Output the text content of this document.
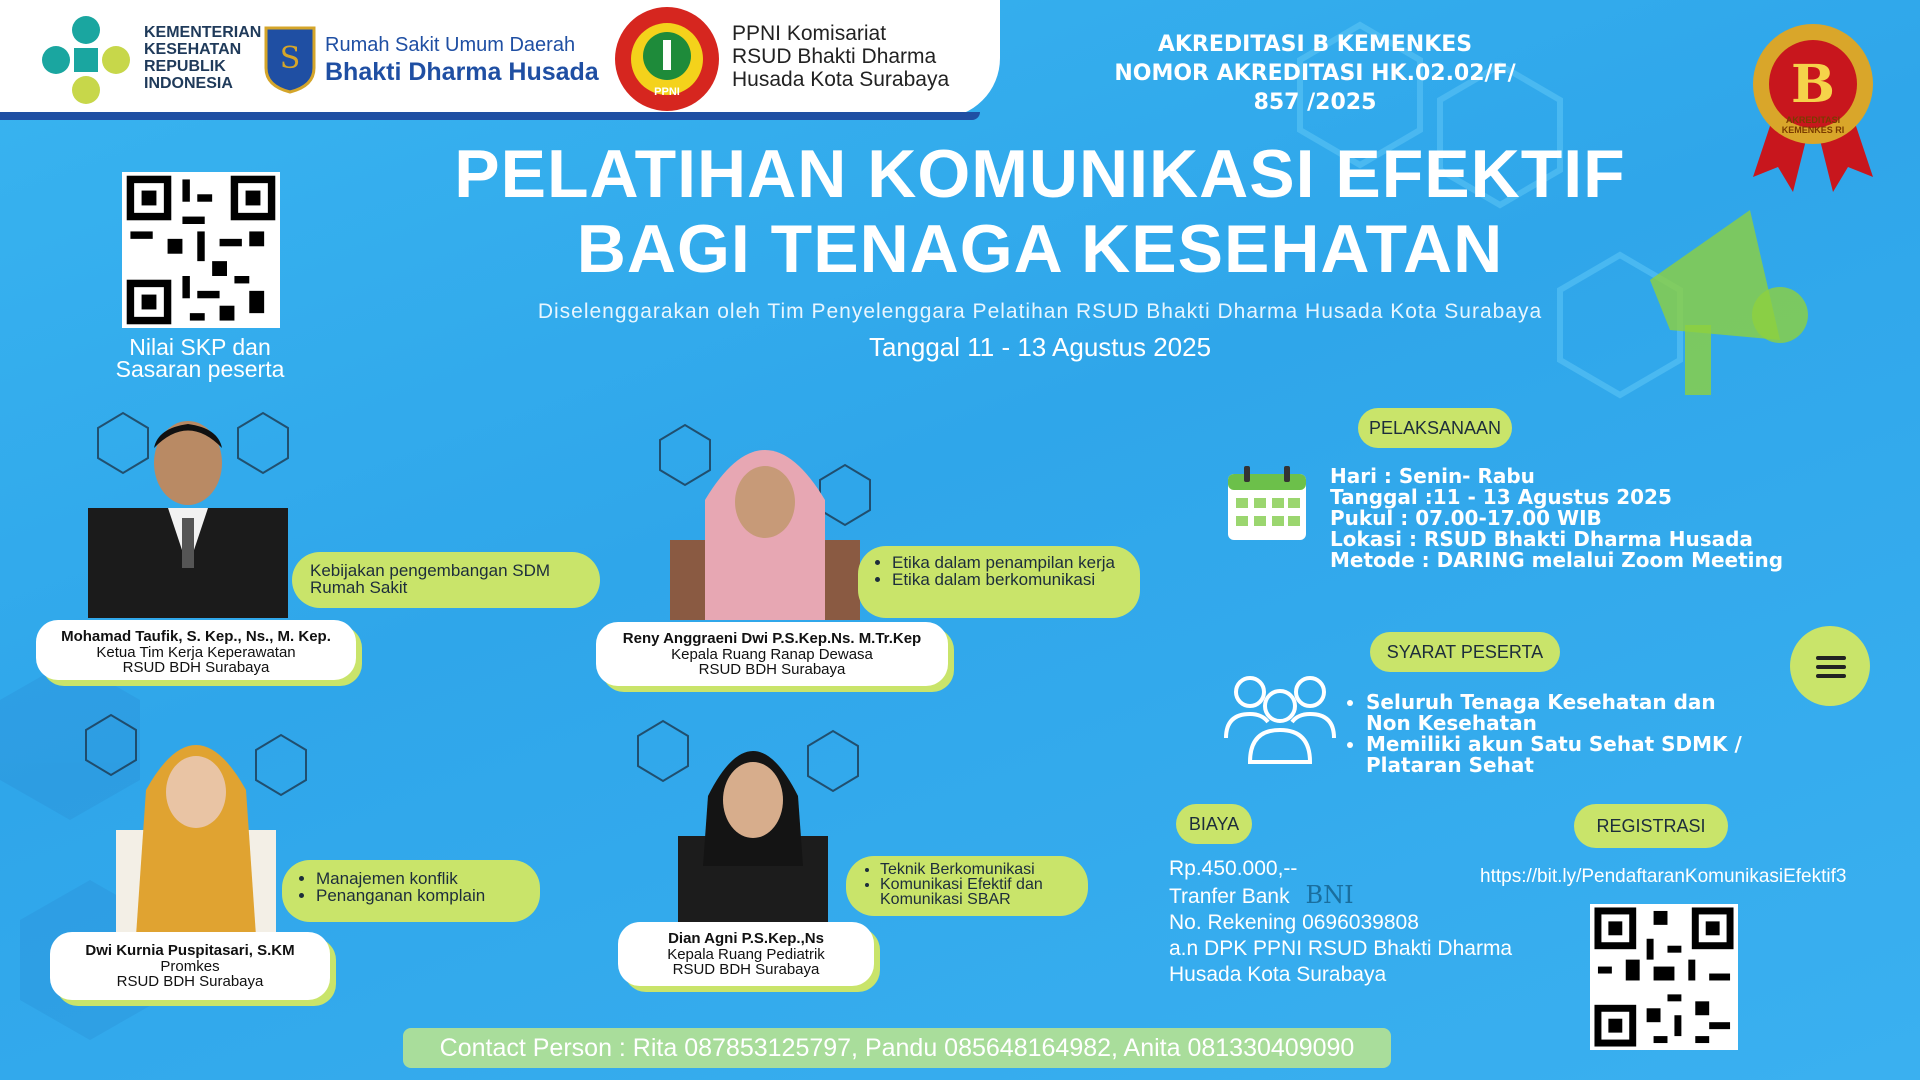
KEMENTERIAN KESEHATAN REPUBLIK INDONESIA
S Rumah Sakit Umum Daerah
Bhakti Dharma Husada
PPNI
PPNI Komisariat
RSUD Bhakti Dharma
Husada Kota Surabaya
AKREDITASI B KEMENKES
NOMOR AKREDITASI HK.02.02/F/ 857 /2025	B
AKREDITASI KEMENKES RI
PELATIHAN KOMUNIKASI EFEKTIF
BAGI TENAGA KESEHATAN
Diselenggarakan oleh Tim Penyelenggara Pelatihan RSUD Bhakti Dharma Husada Kota Surabaya
Tanggal 11 - 13 Agustus 2025
Nilai SKP dan
Sasaran peserta
Kebijakan pengembangan SDM Rumah Sakit
Mohamad Taufik, S. Kep., Ns., M. Kep.
Ketua Tim Kerja Keperawatan
RSUD BDH Surabaya
• Etika dalam penampilan kerja
• Etika dalam berkomunikasi
Reny Anggraeni Dwi P.S.Kep.Ns. M.Tr.Kep
Kepala Ruang Ranap Dewasa
RSUD BDH Surabaya
• Manajemen konflik
• Penanganan komplain
Dwi Kurnia Puspitasari, S.KM
Promkes
RSUD BDH Surabaya
• Teknik Berkomunikasi
• Komunikasi Efektif dan Komunikasi SBAR
Dian Agni P.S.Kep.,Ns
Kepala Ruang Pediatrik
RSUD BDH Surabaya
PELAKSANAAN
Hari : Senin- Rabu
Tanggal :11 - 13 Agustus 2025
Pukul : 07.00-17.00 WIB
Lokasi : RSUD Bhakti Dharma Husada
Metode : DARING melalui Zoom Meeting
SYARAT PESERTA
• Seluruh Tenaga Kesehatan dan Non Kesehatan
• Memiliki akun Satu Sehat SDMK / Plataran Sehat
BIAYA
Rp.450.000,--
Tranfer Bank BNI
No. Rekening 0696039808
a.n DPK PPNI RSUD Bhakti Dharma
Husada Kota Surabaya
REGISTRASI
https://bit.ly/PendaftaranKomunikasiEfektif3
Contact Person : Rita 087853125797, Pandu 085648164982, Anita 081330409090
